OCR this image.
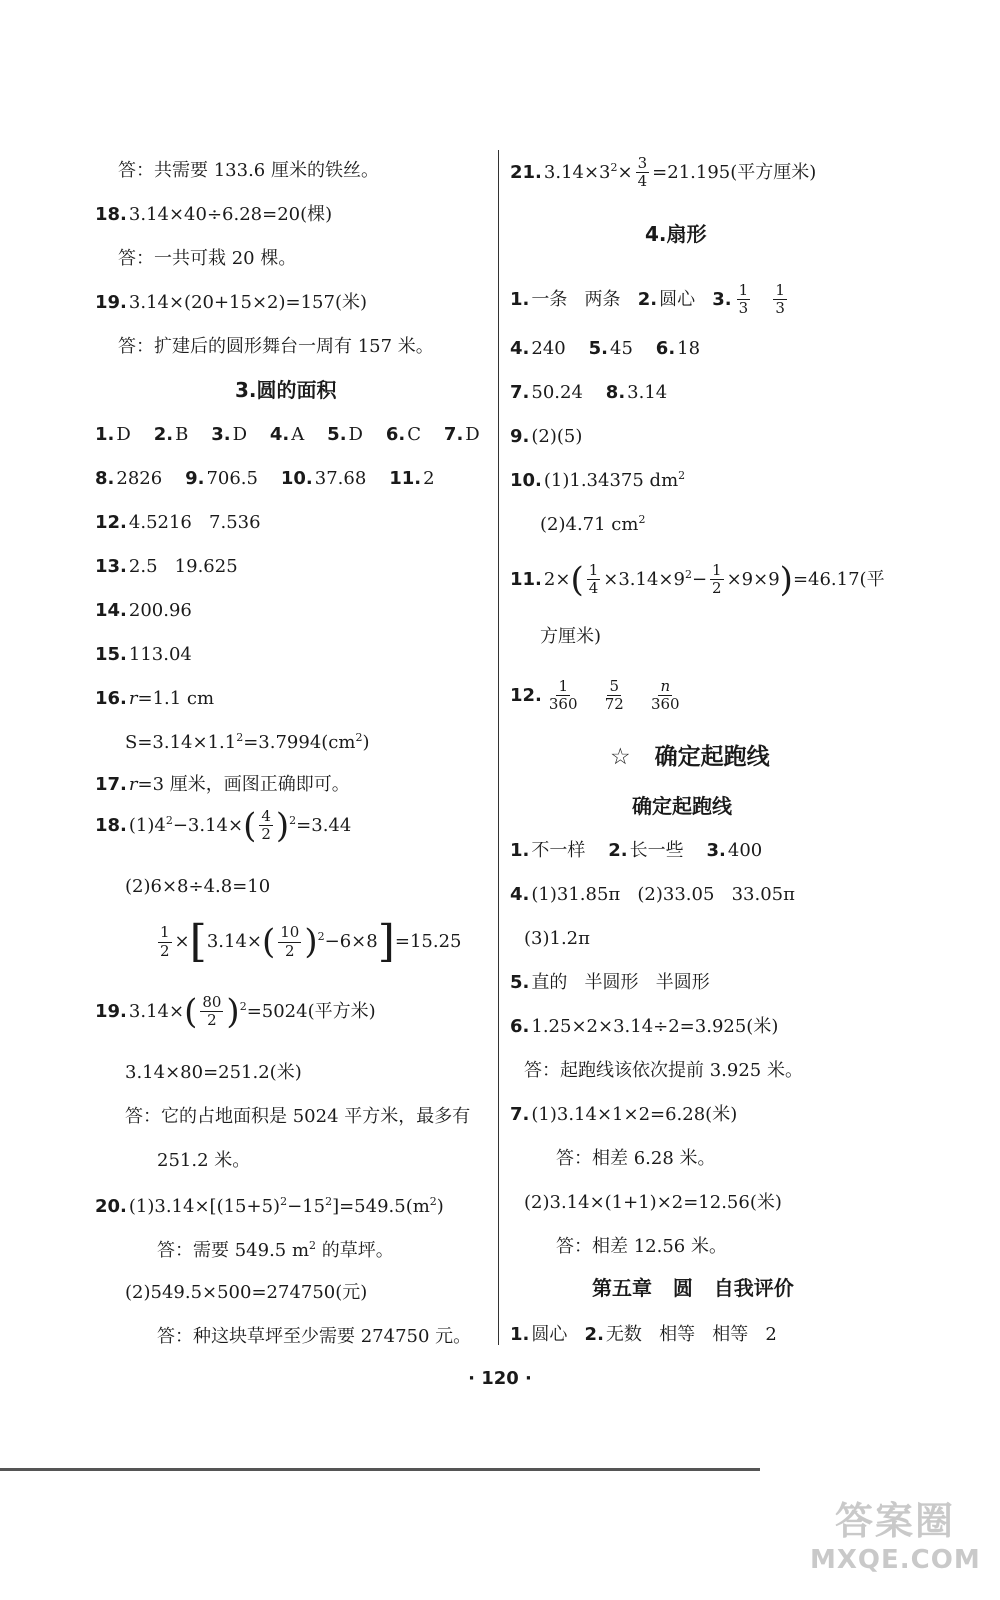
答：共需要 133.6 厘米的铁丝。
18. 3.14×40÷6.28=20(棵)
答：一共可栽 20 棵。
19. 3.14×(20+15×2)=157(米)
答：扩建后的圆形舞台一周有 157 米。
3.圆的面积
1. D 2. B 3. D 4. A 5. D 6. C 7. D
8. 2826 9. 706.5 10. 37.68 11. 2
12. 4.5216   7.536
13. 2.5   19.625
14. 200.96
15. 113.04
16. r=1.1 cm
$S=3.14\times 1.1^2=3.7994(cm^2)$
17. r=3 厘米，画图正确即可。
18. $(1)4^2-3.14\times( \frac{4}{2} )^2=3.44$
(2)6×8÷4.8=10
$\frac{1}{2} \times[3.14\times( \frac{10}{2} )^2-6\times 8]=15.25$
19. $3.14\times( \frac{80}{2} )^2=5024$(平方米)
3.14×80=251.2(米)
答：它的占地面积是 5024 平方米，最多有
251.2 米。
20. $(1)3.14\times[(15+5)^2-15^2]=549.5(m^2)$
答：需要 549.5 $m^2$ 的草坪。
(2)549.5×500=274750(元)
答：种这块草坪至少需要 274750 元。
21. $3.14\times 3^2\times \frac{3}{4} =21.195$(平方厘米)
4.扇形
1. 一条   两条 2. 圆心 3. $\frac{1}{3}$
$\frac{1}{3}$
4. 240 5. 45 6. 18
7. 50.24 8. 3.14
9. (2)(5)
10. (1)1.34375 $dm^2$
(2)4.71 $cm^2$
11. $2\times( \frac{1}{4} \times 3.14\times 9^2- \frac{1}{2} \times 9\times 9)=46.17$(平
方厘米)
12. $\frac{1}{360}$
$\frac{5}{72}$
$\frac{n}{360}$
☆ 确定起跑线
确定起跑线
1. 不一样 2. 长一些 3. 400
4. (1)31.85π   (2)33.05   33.05π
(3)1.2π
5. 直的   半圆形   半圆形
6. 1.25×2×3.14÷2=3.925(米)
答：起跑线该依次提前 3.925 米。
7. (1)3.14×1×2=6.28(米)
答：相差 6.28 米。
(2)3.14×(1+1)×2=12.56(米)
答：相差 12.56 米。
第五章   圆   自我评价
1. 圆心 2. 无数   相等   相等   2
· 120 ·
答案圈
MXQE.COM
